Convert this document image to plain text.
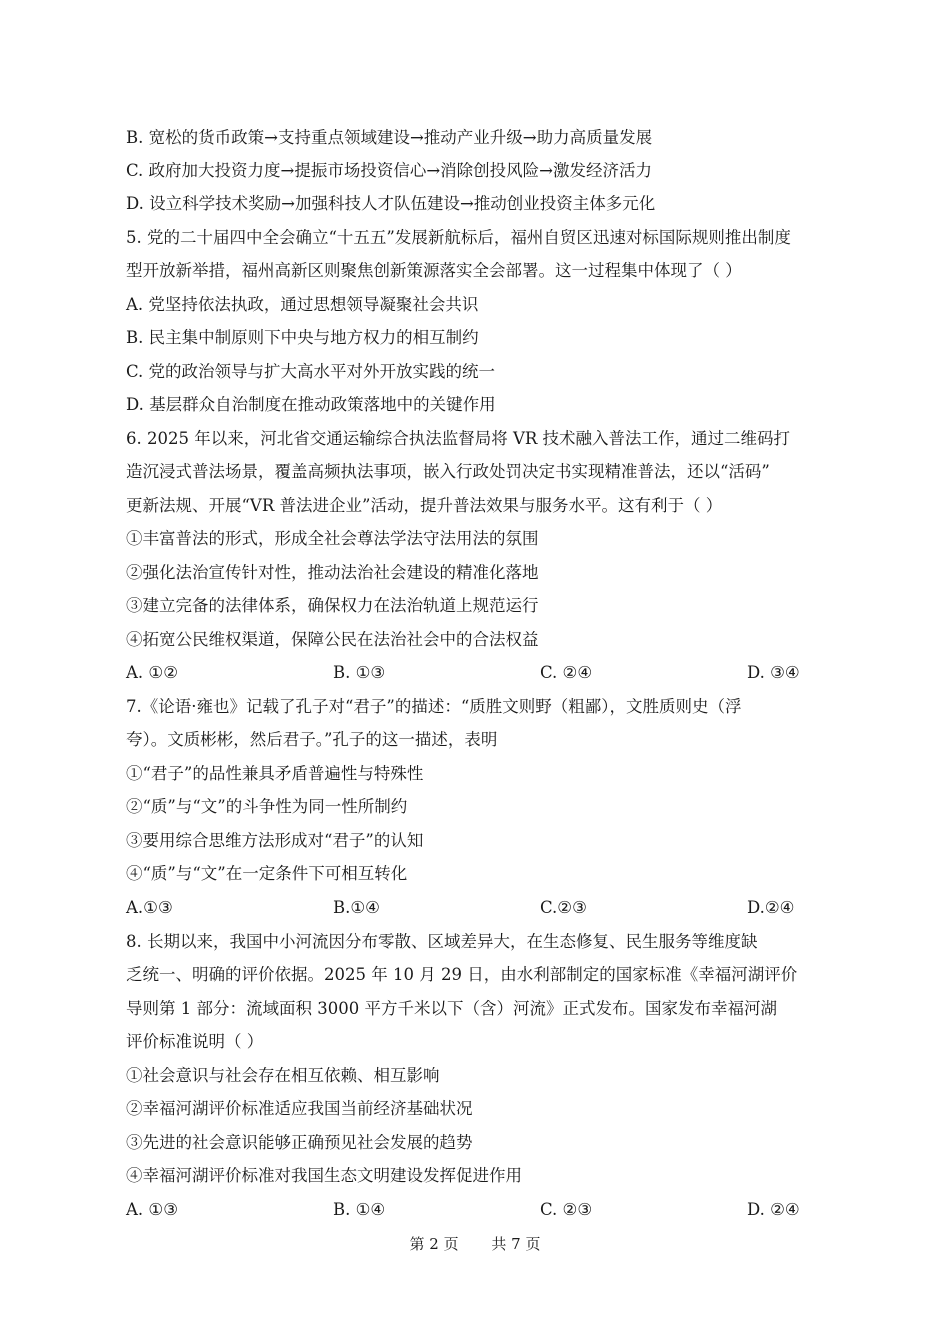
B. 宽松的货币政策→支持重点领域建设→推动产业升级→助力高质量发展
C. 政府加大投资力度→提振市场投资信心→消除创投风险→激发经济活力
D. 设立科学技术奖励→加强科技人才队伍建设→推动创业投资主体多元化
5. 党的二十届四中全会确立“十五五”发展新航标后，福州自贸区迅速对标国际规则推出制度
型开放新举措，福州高新区则聚焦创新策源落实全会部署。这一过程集中体现了（ ）
A. 党坚持依法执政，通过思想领导凝聚社会共识
B. 民主集中制原则下中央与地方权力的相互制约
C. 党的政治领导与扩大高水平对外开放实践的统一
D. 基层群众自治制度在推动政策落地中的关键作用
6. 2025 年以来，河北省交通运输综合执法监督局将 VR 技术融入普法工作，通过二维码打
造沉浸式普法场景，覆盖高频执法事项，嵌入行政处罚决定书实现精准普法，还以“活码”
更新法规、开展“VR 普法进企业”活动，提升普法效果与服务水平。这有利于（ ）
①丰富普法的形式，形成全社会尊法学法守法用法的氛围
②强化法治宣传针对性，推动法治社会建设的精准化落地
③建立完备的法律体系，确保权力在法治轨道上规范运行
④拓宽公民维权渠道，保障公民在法治社会中的合法权益
A. ①②	B. ①③	C. ②④	D. ③④
7.《论语·雍也》记载了孔子对“君子”的描述：“质胜文则野（粗鄙），文胜质则史（浮
夸）。文质彬彬，然后君子。”孔子的这一描述，表明
①“君子”的品性兼具矛盾普遍性与特殊性
②“质”与“文”的斗争性为同一性所制约
③要用综合思维方法形成对“君子”的认知
④“质”与“文”在一定条件下可相互转化
A.①③	B.①④	C.②③	D.②④
8. 长期以来，我国中小河流因分布零散、区域差异大，在生态修复、民生服务等维度缺
乏统一、明确的评价依据。2025 年 10 月 29 日，由水利部制定的国家标准《幸福河湖评价
导则第 1 部分：流域面积 3000 平方千米以下（含）河流》正式发布。国家发布幸福河湖
评价标准说明（ ）
①社会意识与社会存在相互依赖、相互影响
②幸福河湖评价标准适应我国当前经济基础状况
③先进的社会意识能够正确预见社会发展的趋势
④幸福河湖评价标准对我国生态文明建设发挥促进作用
A. ①③	B. ①④	C. ②③	D. ②④
第 2 页 共 7 页
